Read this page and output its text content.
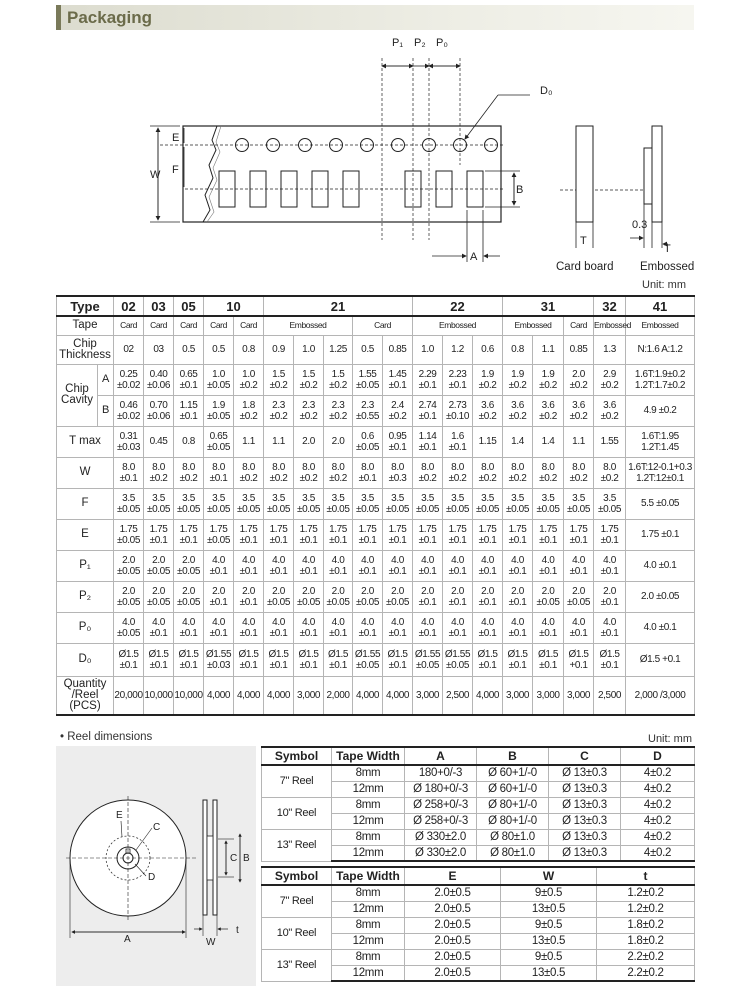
Packaging
P₁ P₂ P₀
D₀
W
E
F
B
A
T
Card board
0.3
T
Embossed
Unit: mm
Type		02	03	05	10		21					22			31			32	41
Tape		Card	Card	Card	Card	Card	Embossed			Card		Embossed			Embossed		Card	Embossed	Embossed
Chip Thickness		02	03	0.5	0.5	0.8	0.9	1.0	1.25	0.5	0.85	1.0	1.2	0.6	0.8	1.1	0.85	1.3	N:1.6 A:1.2
Chip Cavity	A	0.25 ±0.02	0.40 ±0.06	0.65 ±0.1	1.0 ±0.05	1.0 ±0.2	1.5 ±0.2	1.5 ±0.2	1.5 ±0.2	1.55 ±0.05	1.45 ±0.1	2.29 ±0.1	2.23 ±0.1	1.9 ±0.2	1.9 ±0.2	1.9 ±0.2	2.0 ±0.2	2.9 ±0.2	1.6T:1.9±0.2 1.2T:1.7±0.2
	B	0.46 ±0.02	0.70 ±0.06	1.15 ±0.1	1.9 ±0.05	1.8 ±0.2	2.3 ±0.2	2.3 ±0.2	2.3 ±0.2	2.3 ±0.55	2.4 ±0.2	2.74 ±0.1	2.73 ±0.10	3.6 ±0.2	3.6 ±0.2	3.6 ±0.2	3.6 ±0.2	3.6 ±0.2	4.9 ±0.2
T max		0.31 ±0.03	0.45	0.8	0.65 ±0.05	1.1	1.1	2.0	2.0	0.6 ±0.05	0.95 ±0.1	1.14 ±0.1	1.6 ±0.1	1.15	1.4	1.4	1.1	1.55	1.6T:1.95 1.2T:1.45
W		8.0 ±0.1	8.0 ±0.2	8.0 ±0.2	8.0 ±0.1	8.0 ±0.2	8.0 ±0.2	8.0 ±0.2	8.0 ±0.2	8.0 ±0.1	8.0 ±0.3	8.0 ±0.2	8.0 ±0.2	8.0 ±0.2	8.0 ±0.2	8.0 ±0.2	8.0 ±0.2	8.0 ±0.2	1.6T:12-0.1+0.3 1.2T:12±0.1
F		3.5 ±0.05	3.5 ±0.05	3.5 ±0.05	3.5 ±0.05	3.5 ±0.05	3.5 ±0.05	3.5 ±0.05	3.5 ±0.05	3.5 ±0.05	3.5 ±0.05	3.5 ±0.05	3.5 ±0.05	3.5 ±0.05	3.5 ±0.05	3.5 ±0.05	3.5 ±0.05	3.5 ±0.05	5.5 ±0.05
E		1.75 ±0.05	1.75 ±0.1	1.75 ±0.1	1.75 ±0.05	1.75 ±0.1	1.75 ±0.1	1.75 ±0.1	1.75 ±0.1	1.75 ±0.1	1.75 ±0.1	1.75 ±0.1	1.75 ±0.1	1.75 ±0.1	1.75 ±0.1	1.75 ±0.1	1.75 ±0.1	1.75 ±0.1	1.75 ±0.1
P₁		2.0 ±0.05	2.0 ±0.05	2.0 ±0.05	4.0 ±0.1	4.0 ±0.1	4.0 ±0.1	4.0 ±0.1	4.0 ±0.1	4.0 ±0.1	4.0 ±0.1	4.0 ±0.1	4.0 ±0.1	4.0 ±0.1	4.0 ±0.1	4.0 ±0.1	4.0 ±0.1	4.0 ±0.1	4.0 ±0.1
P₂		2.0 ±0.05	2.0 ±0.05	2.0 ±0.05	2.0 ±0.1	2.0 ±0.1	2.0 ±0.05	2.0 ±0.05	2.0 ±0.05	2.0 ±0.05	2.0 ±0.05	2.0 ±0.1	2.0 ±0.1	2.0 ±0.1	2.0 ±0.1	2.0 ±0.05	2.0 ±0.05	2.0 ±0.1	2.0 ±0.05
P₀		4.0 ±0.05	4.0 ±0.1	4.0 ±0.1	4.0 ±0.1	4.0 ±0.1	4.0 ±0.1	4.0 ±0.1	4.0 ±0.1	4.0 ±0.1	4.0 ±0.1	4.0 ±0.1	4.0 ±0.1	4.0 ±0.1	4.0 ±0.1	4.0 ±0.1	4.0 ±0.1	4.0 ±0.1	4.0 ±0.1
D₀		Ø1.5 ±0.1	Ø1.5 ±0.1	Ø1.5 ±0.1	Ø1.55 ±0.03	Ø1.5 ±0.1	Ø1.5 ±0.1	Ø1.5 ±0.1	Ø1.5 ±0.1	Ø1.55 ±0.05	Ø1.5 ±0.1	Ø1.55 ±0.05	Ø1.55 ±0.05	Ø1.5 ±0.1	Ø1.5 ±0.1	Ø1.5 ±0.1	Ø1.5 +0.1	Ø1.5 ±0.1	Ø1.5 +0.1
Quantity /Reel (PCS)		20,000	10,000	10,000	4,000	4,000	4,000	3,000	2,000	4,000	4,000	3,000	2,500	4,000	3,000	3,000	3,000	2,500	2,000 /3,000
• Reel dimensions	Unit: mm
A
E
C
D
C B
W
t
Symbol	Tape Width	A	B	C	D
7" Reel	8mm	180+0/-3	Ø 60+1/-0	Ø 13±0.3	4±0.2
	12mm	Ø 180+0/-3	Ø 60+1/-0	Ø 13±0.3	4±0.2
10" Reel	8mm	Ø 258+0/-3	Ø 80+1/-0	Ø 13±0.3	4±0.2
	12mm	Ø 258+0/-3	Ø 80+1/-0	Ø 13±0.3	4±0.2
13" Reel	8mm	Ø 330±2.0	Ø 80±1.0	Ø 13±0.3	4±0.2
	12mm	Ø 330±2.0	Ø 80±1.0	Ø 13±0.3	4±0.2
Symbol	Tape Width	E	W	t
7" Reel	8mm	2.0±0.5	9±0.5	1.2±0.2
	12mm	2.0±0.5	13±0.5	1.2±0.2
10" Reel	8mm	2.0±0.5	9±0.5	1.8±0.2
	12mm	2.0±0.5	13±0.5	1.8±0.2
13" Reel	8mm	2.0±0.5	9±0.5	2.2±0.2
	12mm	2.0±0.5	13±0.5	2.2±0.2
